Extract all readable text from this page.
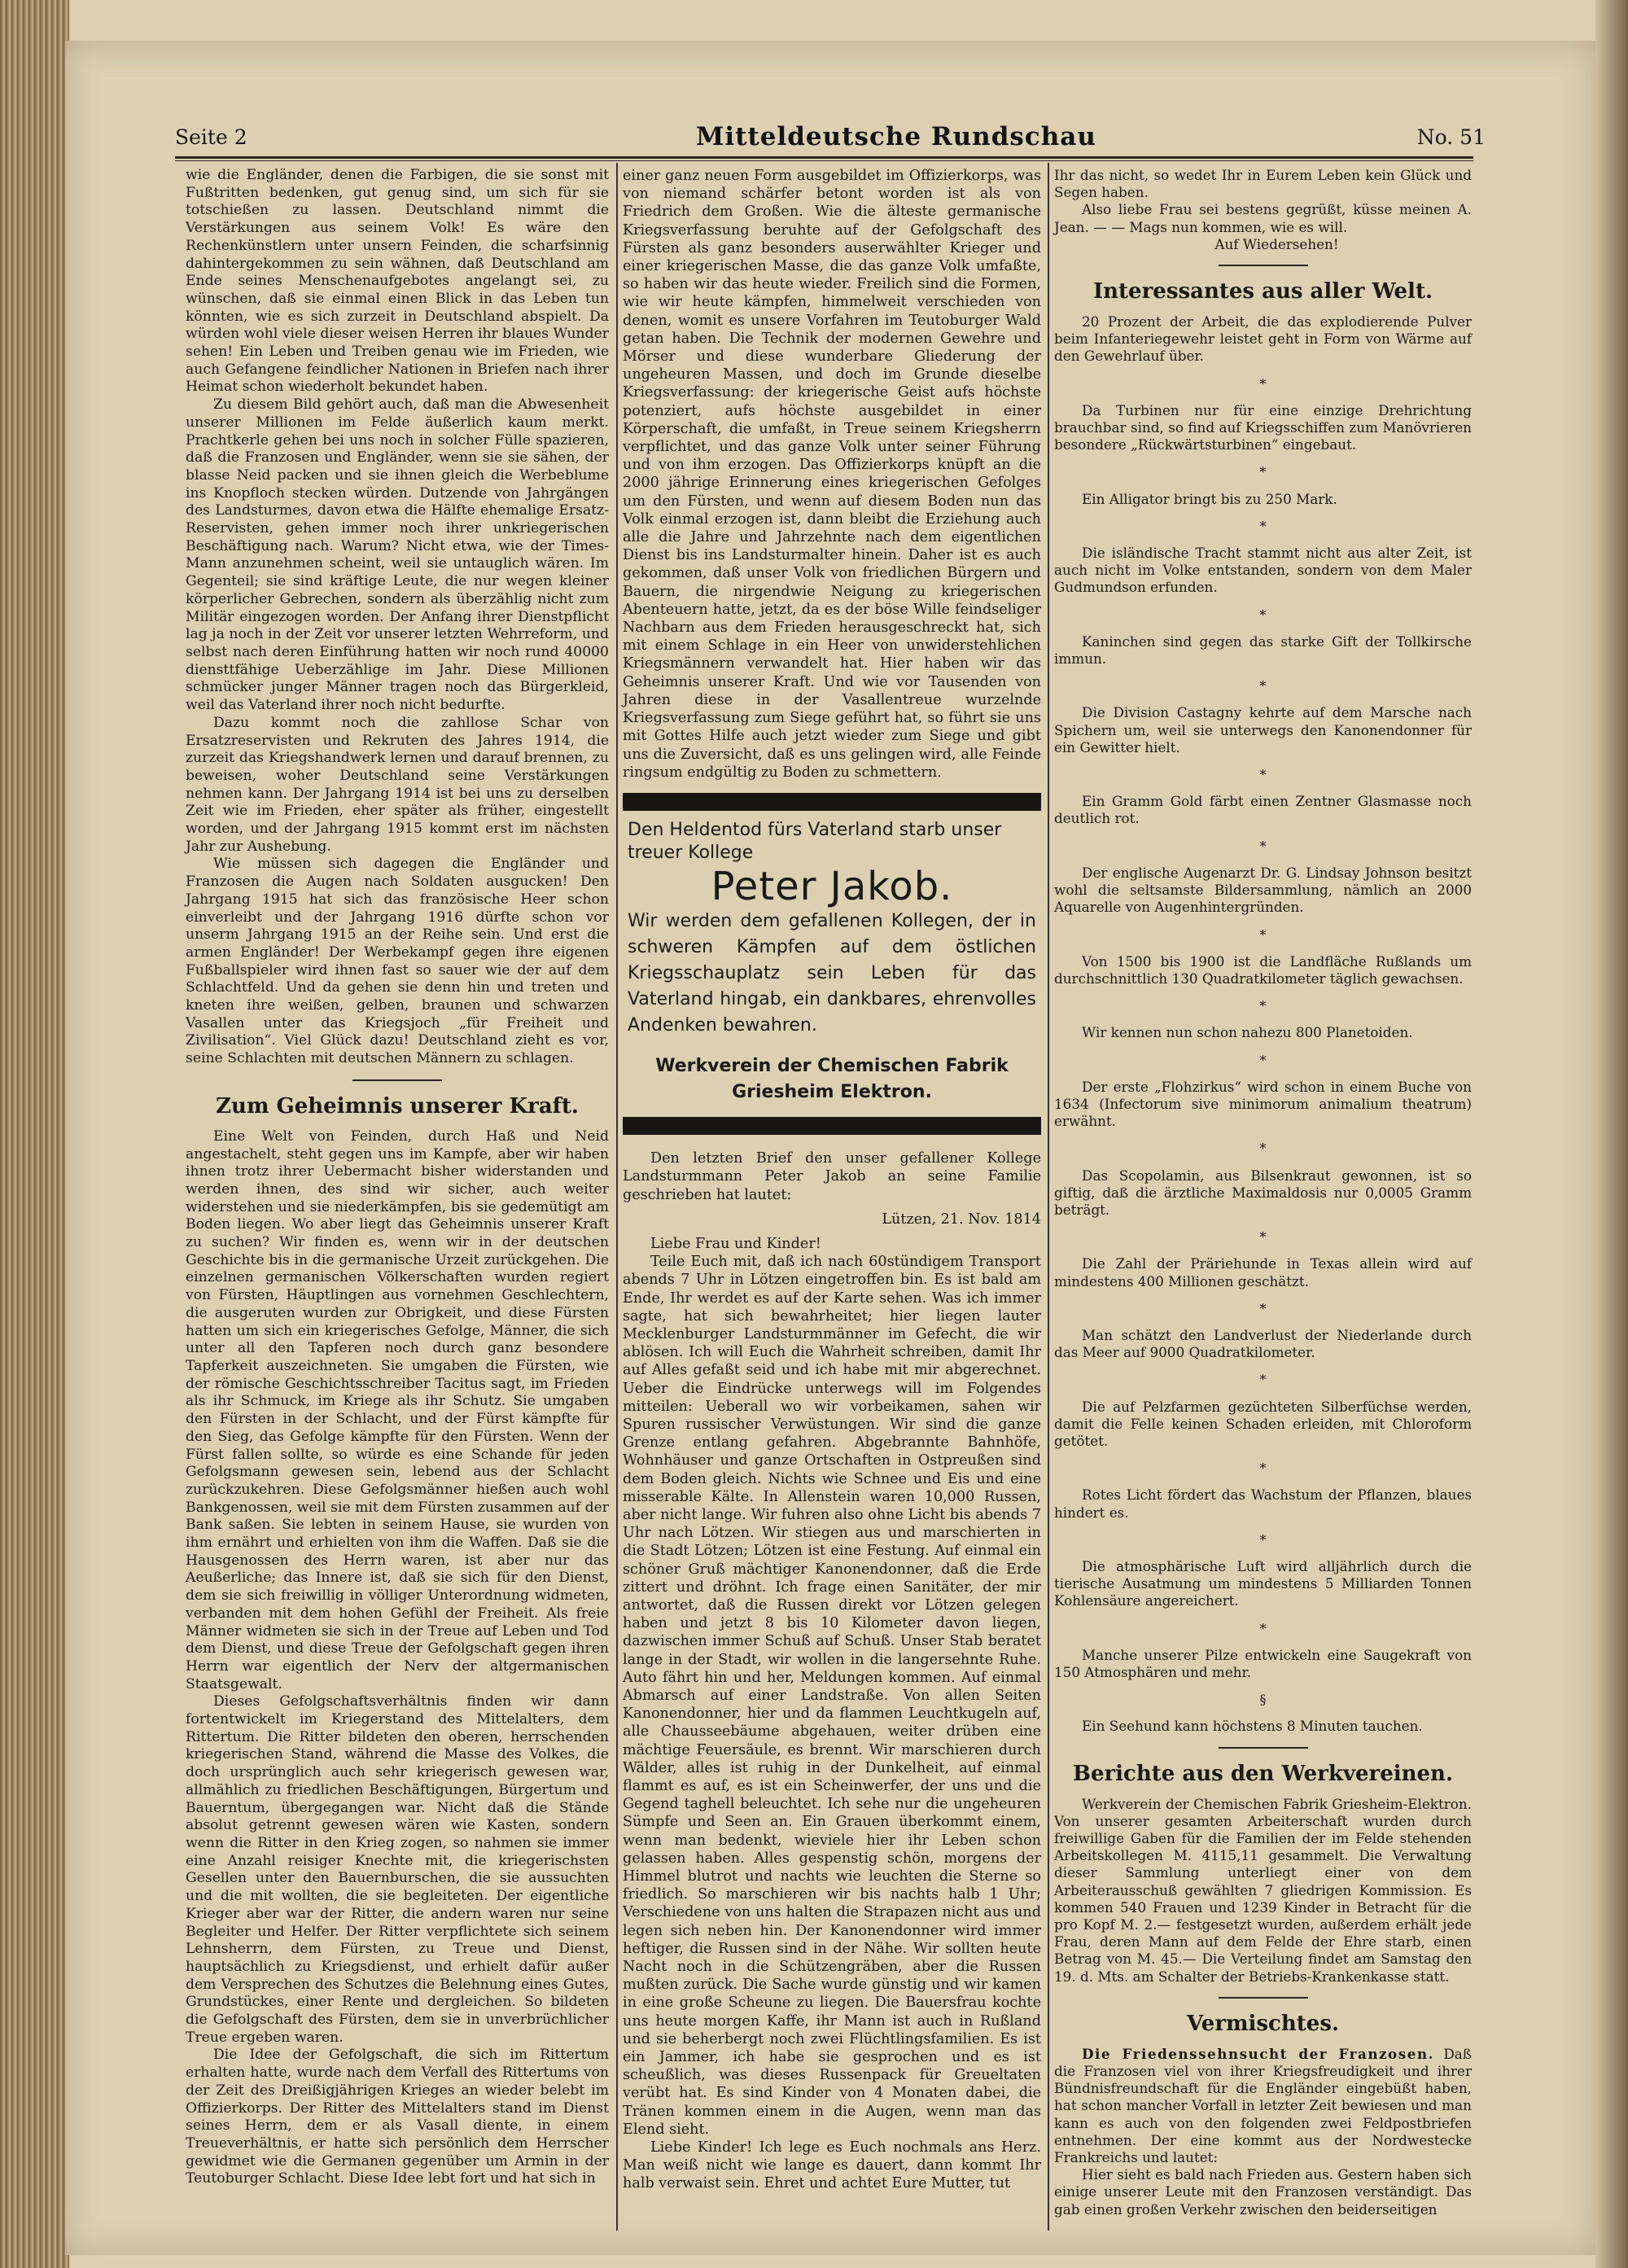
Seite 2	Mitteldeutsche Rundschau	No. 51

wie die Engländer, denen die Farbigen, die sie sonst mit Fußtritten bedenken, gut genug sind, um sich für sie totschießen zu lassen. Deutschland nimmt die Verstärkungen aus seinem Volk! Es wäre den Rechenkünstlern unter unsern Feinden, die scharfsinnig dahintergekommen zu sein wähnen, daß Deutschland am Ende seines Menschenaufgebotes angelangt sei, zu wünschen, daß sie einmal einen Blick in das Leben tun könnten, wie es sich zurzeit in Deutschland abspielt. Da würden wohl viele dieser weisen Herren ihr blaues Wunder sehen! Ein Leben und Treiben genau wie im Frieden, wie auch Gefangene feindlicher Nationen in Briefen nach ihrer Heimat schon wiederholt bekundet haben.

Zu diesem Bild gehört auch, daß man die Abwesenheit unserer Millionen im Felde äußerlich kaum merkt. Prachtkerle gehen bei uns noch in solcher Fülle spazieren, daß die Franzosen und Engländer, wenn sie sie sähen, der blasse Neid packen und sie ihnen gleich die Werbeblume ins Knopfloch stecken würden. Dutzende von Jahrgängen des Landsturmes, davon etwa die Hälfte ehemalige Ersatz-Reservisten, gehen immer noch ihrer unkriegerischen Beschäftigung nach. Warum? Nicht etwa, wie der Times-Mann anzunehmen scheint, weil sie untauglich wären. Im Gegenteil; sie sind kräftige Leute, die nur wegen kleiner körperlicher Gebrechen, sondern als überzählig nicht zum Militär eingezogen worden. Der Anfang ihrer Dienstpflicht lag ja noch in der Zeit vor unserer letzten Wehrreform, und selbst nach deren Einführung hatten wir noch rund 40000 diensttfähige Ueberzählige im Jahr. Diese Millionen schmücker junger Männer tragen noch das Bürgerkleid, weil das Vaterland ihrer noch nicht bedurfte.

Dazu kommt noch die zahllose Schar von Ersatzreservisten und Rekruten des Jahres 1914, die zurzeit das Kriegshandwerk lernen und darauf brennen, zu beweisen, woher Deutschland seine Verstärkungen nehmen kann. Der Jahrgang 1914 ist bei uns zu derselben Zeit wie im Frieden, eher später als früher, eingestellt worden, und der Jahrgang 1915 kommt erst im nächsten Jahr zur Aushebung.

Wie müssen sich dagegen die Engländer und Franzosen die Augen nach Soldaten ausgucken! Den Jahrgang 1915 hat sich das französische Heer schon einverleibt und der Jahrgang 1916 dürfte schon vor unserm Jahrgang 1915 an der Reihe sein. Und erst die armen Engländer! Der Werbekampf gegen ihre eigenen Fußballspieler wird ihnen fast so sauer wie der auf dem Schlachtfeld. Und da gehen sie denn hin und treten und kneten ihre weißen, gelben, braunen und schwarzen Vasallen unter das Kriegsjoch „für Freiheit und Zivilisation“. Viel Glück dazu! Deutschland zieht es vor, seine Schlachten mit deutschen Männern zu schlagen.

Zum Geheimnis unserer Kraft.

Eine Welt von Feinden, durch Haß und Neid angestachelt, steht gegen uns im Kampfe, aber wir haben ihnen trotz ihrer Uebermacht bisher widerstanden und werden ihnen, des sind wir sicher, auch weiter widerstehen und sie niederkämpfen, bis sie gedemütigt am Boden liegen. Wo aber liegt das Geheimnis unserer Kraft zu suchen? Wir finden es, wenn wir in der deutschen Geschichte bis in die germanische Urzeit zurückgehen. Die einzelnen germanischen Völkerschaften wurden regiert von Fürsten, Häuptlingen aus vornehmen Geschlechtern, die ausgeruten wurden zur Obrigkeit, und diese Fürsten hatten um sich ein kriegerisches Gefolge, Männer, die sich unter all den Tapferen noch durch ganz besondere Tapferkeit auszeichneten. Sie umgaben die Fürsten, wie der römische Geschichtsschreiber Tacitus sagt, im Frieden als ihr Schmuck, im Kriege als ihr Schutz. Sie umgaben den Fürsten in der Schlacht, und der Fürst kämpfte für den Sieg, das Gefolge kämpfte für den Fürsten. Wenn der Fürst fallen sollte, so würde es eine Schande für jeden Gefolgsmann gewesen sein, lebend aus der Schlacht zurückzukehren. Diese Gefolgsmänner hießen auch wohl Bankgenossen, weil sie mit dem Fürsten zusammen auf der Bank saßen. Sie lebten in seinem Hause, sie wurden von ihm ernährt und erhielten von ihm die Waffen. Daß sie die Hausgenossen des Herrn waren, ist aber nur das Aeußerliche; das Innere ist, daß sie sich für den Dienst, dem sie sich freiwillig in völliger Unterordnung widmeten, verbanden mit dem hohen Gefühl der Freiheit. Als freie Männer widmeten sie sich in der Treue auf Leben und Tod dem Dienst, und diese Treue der Gefolgschaft gegen ihren Herrn war eigentlich der Nerv der altgermanischen Staatsgewalt.

Dieses Gefolgschaftsverhältnis finden wir dann fortentwickelt im Kriegerstand des Mittelalters, dem Rittertum. Die Ritter bildeten den oberen, herrschenden kriegerischen Stand, während die Masse des Volkes, die doch ursprünglich auch sehr kriegerisch gewesen war, allmählich zu friedlichen Beschäftigungen, Bürgertum und Bauerntum, übergegangen war. Nicht daß die Stände absolut getrennt gewesen wären wie Kasten, sondern wenn die Ritter in den Krieg zogen, so nahmen sie immer eine Anzahl reisiger Knechte mit, die kriegerischsten Gesellen unter den Bauernburschen, die sie aussuchten und die mit wollten, die sie begleiteten. Der eigentliche Krieger aber war der Ritter, die andern waren nur seine Begleiter und Helfer. Der Ritter verpflichtete sich seinem Lehnsherrn, dem Fürsten, zu Treue und Dienst, hauptsächlich zu Kriegsdienst, und erhielt dafür außer dem Versprechen des Schutzes die Belehnung eines Gutes, Grundstückes, einer Rente und dergleichen. So bildeten die Gefolgschaft des Fürsten, dem sie in unverbrüchlicher Treue ergeben waren.

Die Idee der Gefolgschaft, die sich im Rittertum erhalten hatte, wurde nach dem Verfall des Rittertums von der Zeit des Dreißigjährigen Krieges an wieder belebt im Offizierkorps. Der Ritter des Mittelalters stand im Dienst seines Herrn, dem er als Vasall diente, in einem Treueverhältnis, er hatte sich persönlich dem Herrscher gewidmet wie die Germanen gegenüber um Armin in der Teutoburger Schlacht. Diese Idee lebt fort und hat sich in

einer ganz neuen Form ausgebildet im Offizierkorps, was von niemand schärfer betont worden ist als von Friedrich dem Großen. Wie die älteste germanische Kriegsverfassung beruhte auf der Gefolgschaft des Fürsten als ganz besonders auserwählter Krieger und einer kriegerischen Masse, die das ganze Volk umfaßte, so haben wir das heute wieder. Freilich sind die Formen, wie wir heute kämpfen, himmelweit verschieden von denen, womit es unsere Vorfahren im Teutoburger Wald getan haben. Die Technik der modernen Gewehre und Mörser und diese wunderbare Gliederung der ungeheuren Massen, und doch im Grunde dieselbe Kriegsverfassung: der kriegerische Geist aufs höchste potenziert, aufs höchste ausgebildet in einer Körperschaft, die umfaßt, in Treue seinem Kriegsherrn verpflichtet, und das ganze Volk unter seiner Führung und von ihm erzogen. Das Offizierkorps knüpft an die 2000 jährige Erinnerung eines kriegerischen Gefolges um den Fürsten, und wenn auf diesem Boden nun das Volk einmal erzogen ist, dann bleibt die Erziehung auch alle die Jahre und Jahrzehnte nach dem eigentlichen Dienst bis ins Landsturmalter hinein. Daher ist es auch gekommen, daß unser Volk von friedlichen Bürgern und Bauern, die nirgendwie Neigung zu kriegerischen Abenteuern hatte, jetzt, da es der böse Wille feindseliger Nachbarn aus dem Frieden herausgeschreckt hat, sich mit einem Schlage in ein Heer von unwiderstehlichen Kriegsmännern verwandelt hat. Hier haben wir das Geheimnis unserer Kraft. Und wie vor Tausenden von Jahren diese in der Vasallentreue wurzelnde Kriegsverfassung zum Siege geführt hat, so führt sie uns mit Gottes Hilfe auch jetzt wieder zum Siege und gibt uns die Zuversicht, daß es uns gelingen wird, alle Feinde ringsum endgültig zu Boden zu schmettern.

Den Heldentod fürs Vaterland starb unser treuer Kollege
Peter Jakob.
Wir werden dem gefallenen Kollegen, der in schweren Kämpfen auf dem östlichen Kriegsschauplatz sein Leben für das Vaterland hingab, ein dankbares, ehrenvolles Andenken bewahren.
Werkverein der Chemischen Fabrik
Griesheim Elektron.

Den letzten Brief den unser gefallener Kollege Landsturmmann Peter Jakob an seine Familie geschrieben hat lautet:

Lützen, 21. Nov. 1814

Liebe Frau und Kinder!

Teile Euch mit, daß ich nach 60stündigem Transport abends 7 Uhr in Lötzen eingetroffen bin. Es ist bald am Ende, Ihr werdet es auf der Karte sehen. Was ich immer sagte, hat sich bewahrheitet; hier liegen lauter Mecklenburger Landsturmmänner im Gefecht, die wir ablösen. Ich will Euch die Wahrheit schreiben, damit Ihr auf Alles gefaßt seid und ich habe mit mir abgerechnet. Ueber die Eindrücke unterwegs will im Folgendes mitteilen: Ueberall wo wir vorbeikamen, sahen wir Spuren russischer Verwüstungen. Wir sind die ganze Grenze entlang gefahren. Abgebrannte Bahnhöfe, Wohnhäuser und ganze Ortschaften in Ostpreußen sind dem Boden gleich. Nichts wie Schnee und Eis und eine misserable Kälte. In Allenstein waren 10,000 Russen, aber nicht lange. Wir fuhren also ohne Licht bis abends 7 Uhr nach Lötzen. Wir stiegen aus und marschierten in die Stadt Lötzen; Lötzen ist eine Festung. Auf einmal ein schöner Gruß mächtiger Kanonendonner, daß die Erde zittert und dröhnt. Ich frage einen Sanitäter, der mir antwortet, daß die Russen direkt vor Lötzen gelegen haben und jetzt 8 bis 10 Kilometer davon liegen, dazwischen immer Schuß auf Schuß. Unser Stab beratet lange in der Stadt, wir wollen in die langersehnte Ruhe. Auto fährt hin und her, Meldungen kommen. Auf einmal Abmarsch auf einer Landstraße. Von allen Seiten Kanonendonner, hier und da flammen Leuchtkugeln auf, alle Chausseebäume abgehauen, weiter drüben eine mächtige Feuersäule, es brennt. Wir marschieren durch Wälder, alles ist ruhig in der Dunkelheit, auf einmal flammt es auf, es ist ein Scheinwerfer, der uns und die Gegend taghell beleuchtet. Ich sehe nur die ungeheuren Sümpfe und Seen an. Ein Grauen überkommt einem, wenn man bedenkt, wieviele hier ihr Leben schon gelassen haben. Alles gespenstig schön, morgens der Himmel blutrot und nachts wie leuchten die Sterne so friedlich. So marschieren wir bis nachts halb 1 Uhr; Verschiedene von uns halten die Strapazen nicht aus und legen sich neben hin. Der Kanonendonner wird immer heftiger, die Russen sind in der Nähe. Wir sollten heute Nacht noch in die Schützengräben, aber die Russen mußten zurück. Die Sache wurde günstig und wir kamen in eine große Scheune zu liegen. Die Bauersfrau kochte uns heute morgen Kaffe, ihr Mann ist auch in Rußland und sie beherbergt noch zwei Flüchtlingsfamilien. Es ist ein Jammer, ich habe sie gesprochen und es ist scheußlich, was dieses Russenpack für Greueltaten verübt hat. Es sind Kinder von 4 Monaten dabei, die Tränen kommen einem in die Augen, wenn man das Elend sieht.

Liebe Kinder! Ich lege es Euch nochmals ans Herz. Man weiß nicht wie lange es dauert, dann kommt Ihr halb verwaist sein. Ehret und achtet Eure Mutter, tut

Ihr das nicht, so wedet Ihr in Eurem Leben kein Glück und Segen haben.

Also liebe Frau sei bestens gegrüßt, küsse meinen A. Jean. — — Mags nun kommen, wie es will.

Auf Wiedersehen!

Interessantes aus aller Welt.

20 Prozent der Arbeit, die das explodierende Pulver beim Infanteriegewehr leistet geht in Form von Wärme auf den Gewehrlauf über.

*

Da Turbinen nur für eine einzige Drehrichtung brauchbar sind, so find auf Kriegsschiffen zum Manövrieren besondere „Rückwärtsturbinen“ eingebaut.

*

Ein Alligator bringt bis zu 250 Mark.

*

Die isländische Tracht stammt nicht aus alter Zeit, ist auch nicht im Volke entstanden, sondern von dem Maler Gudmundson erfunden.

*

Kaninchen sind gegen das starke Gift der Tollkirsche immun.

*

Die Division Castagny kehrte auf dem Marsche nach Spichern um, weil sie unterwegs den Kanonendonner für ein Gewitter hielt.

*

Ein Gramm Gold färbt einen Zentner Glasmasse noch deutlich rot.

*

Der englische Augenarzt Dr. G. Lindsay Johnson besitzt wohl die seltsamste Bildersammlung, nämlich an 2000 Aquarelle von Augenhintergründen.

*

Von 1500 bis 1900 ist die Landfläche Rußlands um durchschnittlich 130 Quadratkilometer täglich gewachsen.

*

Wir kennen nun schon nahezu 800 Planetoiden.

*

Der erste „Flohzirkus“ wird schon in einem Buche von 1634 (Infectorum sive minimorum animalium theatrum) erwähnt.

*

Das Scopolamin, aus Bilsenkraut gewonnen, ist so giftig, daß die ärztliche Maximaldosis nur 0,0005 Gramm beträgt.

*

Die Zahl der Präriehunde in Texas allein wird auf mindestens 400 Millionen geschätzt.

*

Man schätzt den Landverlust der Niederlande durch das Meer auf 9000 Quadratkilometer.

*

Die auf Pelzfarmen gezüchteten Silberfüchse werden, damit die Felle keinen Schaden erleiden, mit Chloroform getötet.

*

Rotes Licht fördert das Wachstum der Pflanzen, blaues hindert es.

*

Die atmosphärische Luft wird alljährlich durch die tierische Ausatmung um mindestens 5 Milliarden Tonnen Kohlensäure angereichert.

*

Manche unserer Pilze entwickeln eine Saugekraft von 150 Atmosphären und mehr.

§

Ein Seehund kann höchstens 8 Minuten tauchen.

Berichte aus den Werkvereinen.

Werkverein der Chemischen Fabrik Griesheim-Elektron. Von unserer gesamten Arbeiterschaft wurden durch freiwillige Gaben für die Familien der im Felde stehenden Arbeitskollegen M. 4115,11 gesammelt. Die Verwaltung dieser Sammlung unterliegt einer von dem Arbeiterausschuß gewählten 7 gliedrigen Kommission. Es kommen 540 Frauen und 1239 Kinder in Betracht für die pro Kopf M. 2.— festgesetzt wurden, außerdem erhält jede Frau, deren Mann auf dem Felde der Ehre starb, einen Betrag von M. 45.— Die Verteilung findet am Samstag den 19. d. Mts. am Schalter der Betriebs-Krankenkasse statt.

Vermischtes.

Die Friedenssehnsucht der Franzosen. Daß die Franzosen viel von ihrer Kriegsfreudigkeit und ihrer Bündnisfreundschaft für die Engländer eingebüßt haben, hat schon mancher Vorfall in letzter Zeit bewiesen und man kann es auch von den folgenden zwei Feldpostbriefen entnehmen. Der eine kommt aus der Nordwestecke Frankreichs und lautet:

Hier sieht es bald nach Frieden aus. Gestern haben sich einige unserer Leute mit den Franzosen verständigt. Das gab einen großen Verkehr zwischen den beiderseitigen
